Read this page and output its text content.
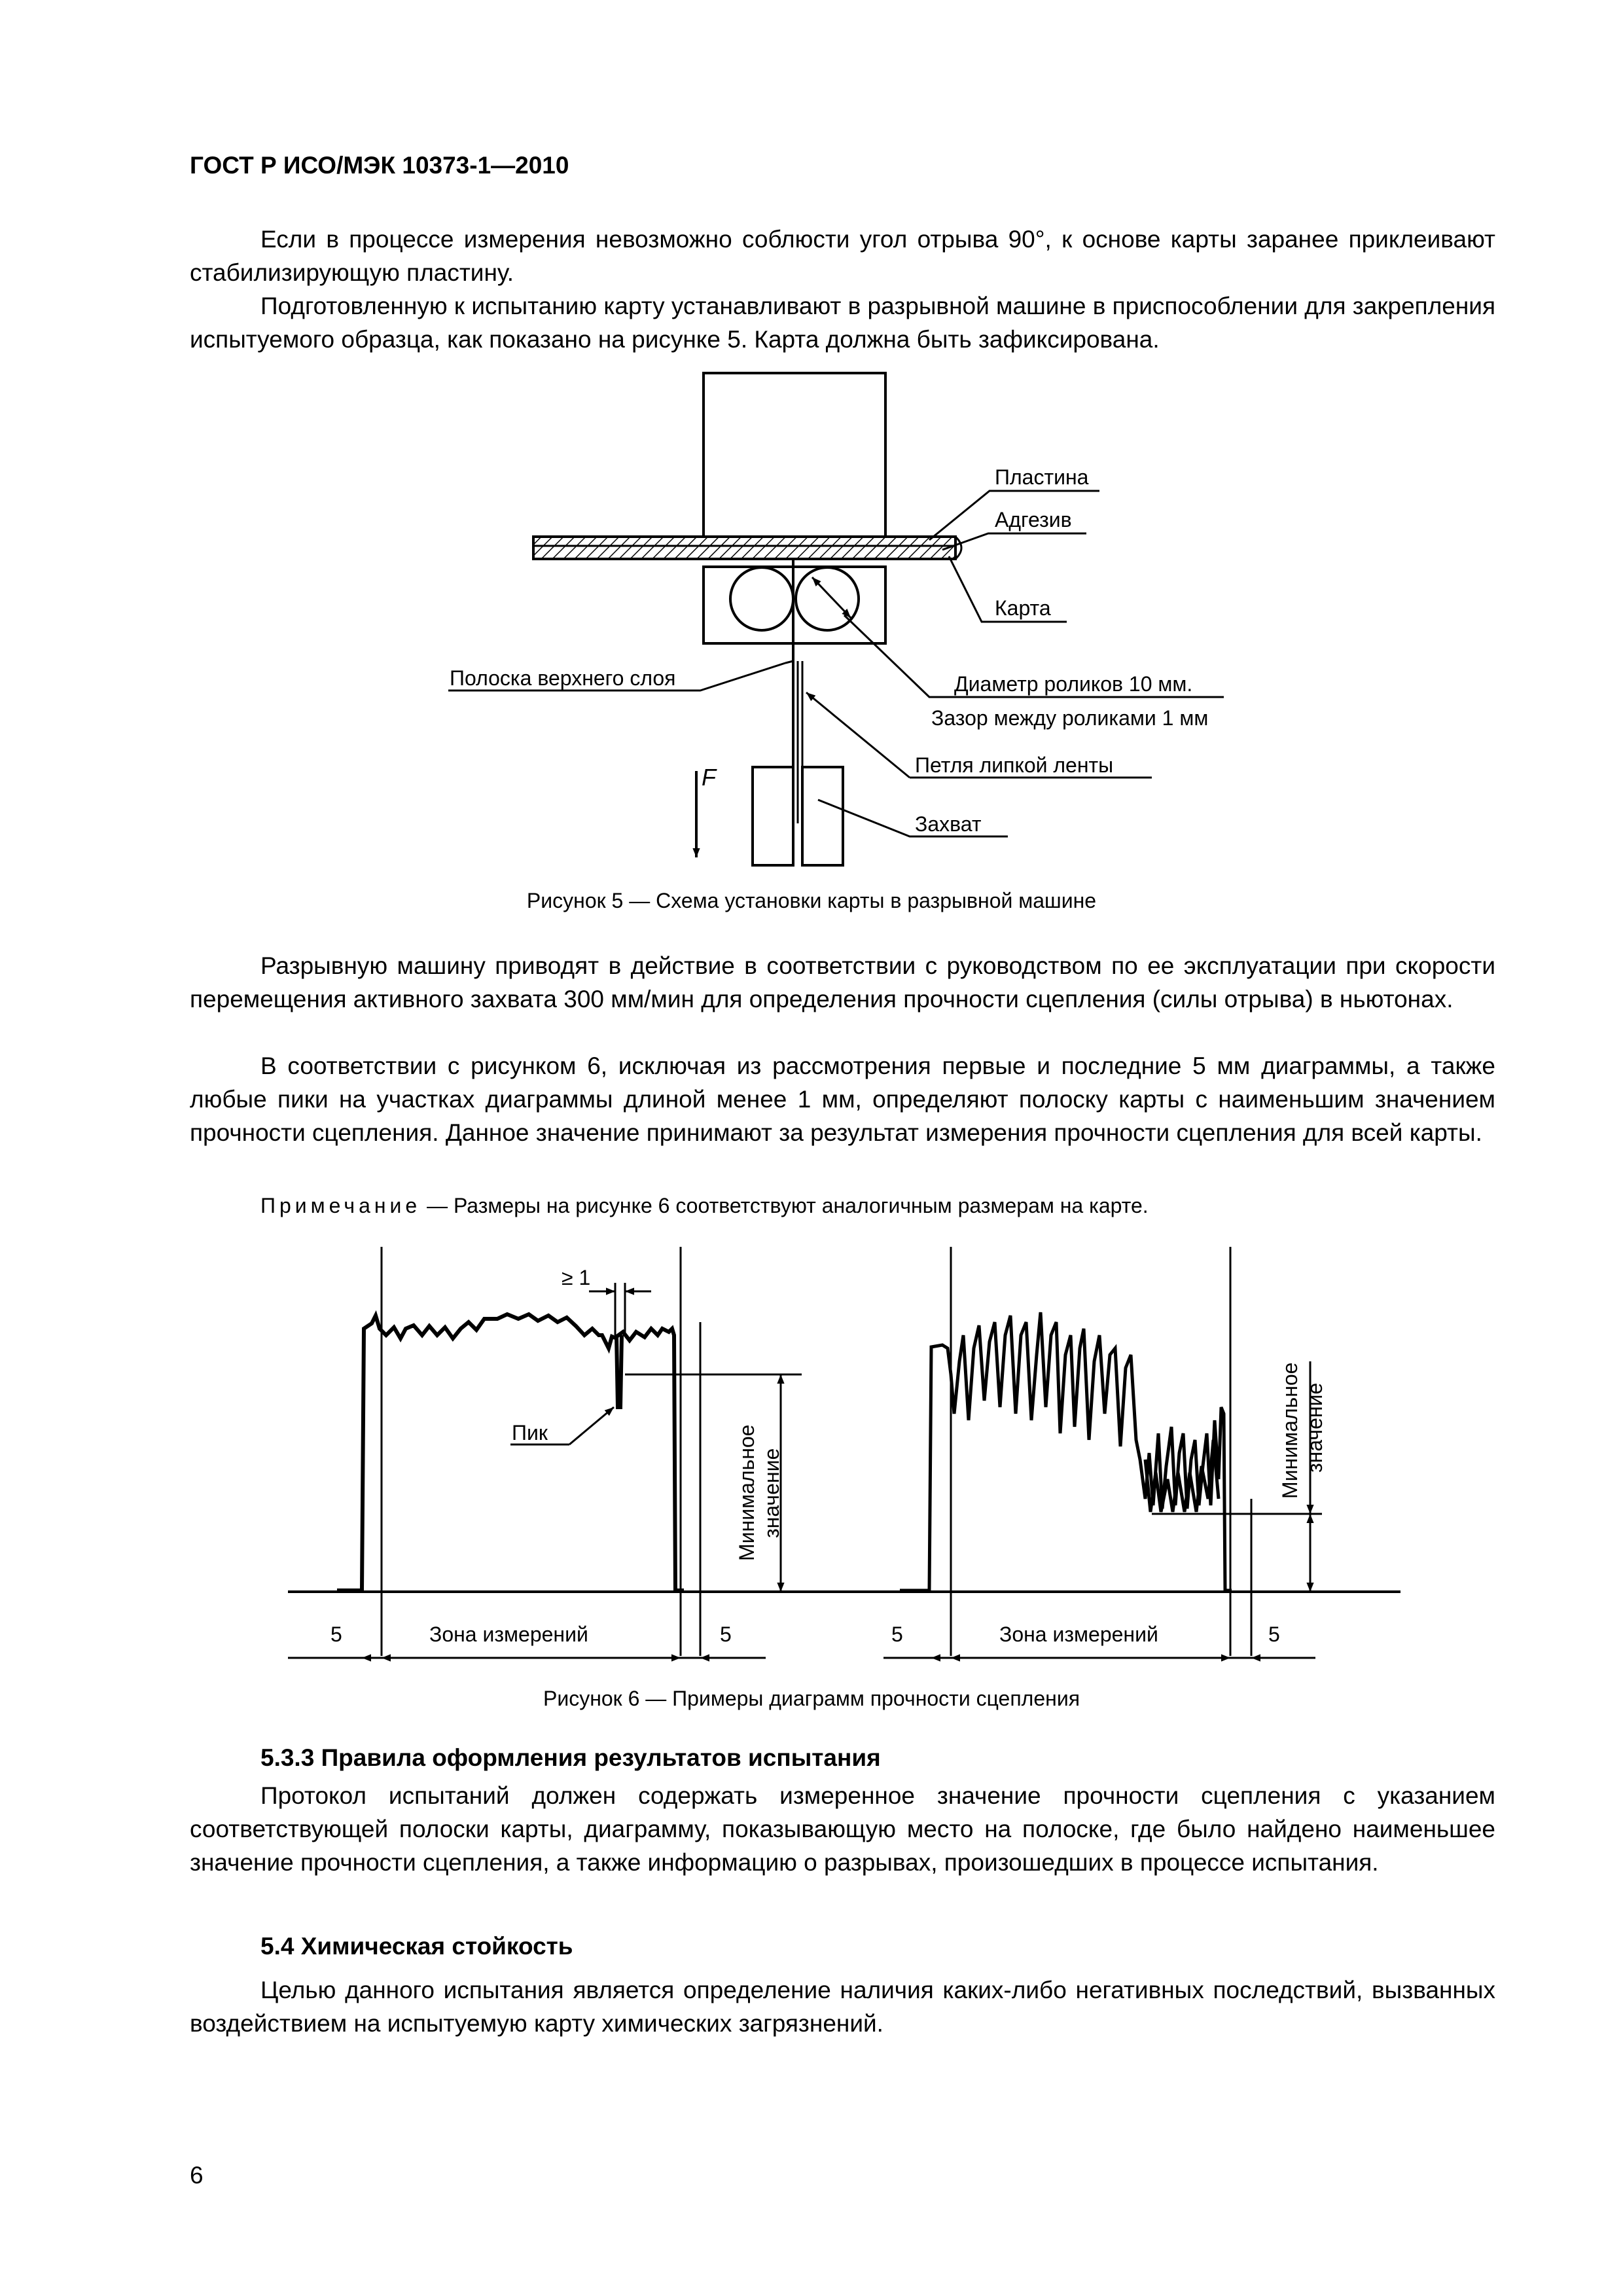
ГОСТ Р ИСО/МЭК 10373-1—2010

Если в процессе измерения невозможно соблюсти угол отрыва 90°, к основе карты заранее приклеивают стабилизирующую пластину.

Подготовленную к испытанию карту устанавливают в разрывной машине в приспособлении для закрепления испытуемого образца, как показано на рисунке 5. Карта должна быть зафиксирована.

F
Пластина
Адгезив
Карта
Полоска верхнего слоя	Диаметр роликов 10 мм.
Зазор между роликами 1 мм
Петля липкой ленты
Захват
Рисунок 5 — Схема установки карты в разрывной машине

Разрывную машину приводят в действие в соответствии с руководством по ее эксплуатации при скорости перемещения активного захвата 300 мм/мин для определения прочности сцепления (силы отрыва) в ньютонах.

В соответствии с рисунком 6, исключая из рассмотрения первые и последние 5 мм диаграммы, а также любые пики на участках диаграммы длиной менее 1 мм, определяют полоску карты с наименьшим значением прочности сцепления. Данное значение принимают за результат измерения прочности сцепления для всей карты.

Примечание — Размеры на рисунке 6 соответствуют аналогичным размерам на карте.

≥ 1
Пик	Минимальное значение
5	Зона измерений	5
Минимальное значение
5	Зона измерений	5
Рисунок 6 — Примеры диаграмм прочности сцепления
5.3.3 Правила оформления результатов испытания

Протокол испытаний должен содержать измеренное значение прочности сцепления с указанием соответствующей полоски карты, диаграмму, показывающую место на полоске, где было найдено наименьшее значение прочности сцепления, а также информацию о разрывах, произошедших в процессе испытания.

5.4 Химическая стойкость

Целью данного испытания является определение наличия каких-либо негативных последствий, вызванных воздействием на испытуемую карту химических загрязнений.

6
